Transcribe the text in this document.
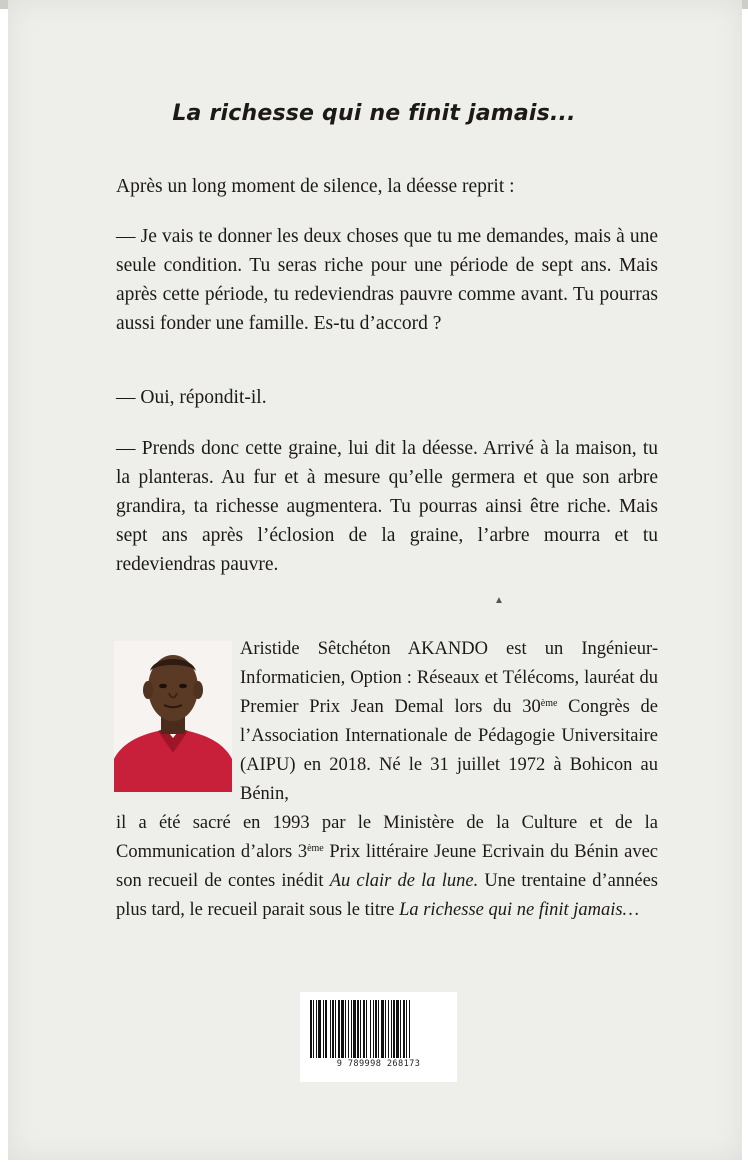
La richesse qui ne finit jamais...
Après un long moment de silence, la déesse reprit :
— Je vais te donner les deux choses que tu me demandes, mais à une seule condition. Tu seras riche pour une période de sept ans. Mais après cette période, tu redeviendras pauvre comme avant. Tu pourras aussi fonder une famille. Es-tu d’accord ?
— Oui, répondit-il.
— Prends donc cette graine, lui dit la déesse. Arrivé à la maison, tu la planteras. Au fur et à mesure qu’elle germera et que son arbre grandira, ta richesse augmentera. Tu pourras ainsi être riche. Mais sept ans après l’éclosion de la graine, l’arbre mourra et tu redeviendras pauvre.
▲
Aristide Sêtchéton AKANDO est un Ingénieur- Informaticien, Option : Réseaux et Télécoms, lauréat du Premier Prix Jean Demal lors du 30ème Congrès de l’Association Internationale de Pédagogie Universitaire (AIPU) en 2018. Né le 31 juillet 1972 à Bohicon au Bénin,
il a été sacré en 1993 par le Ministère de la Culture et de la Communication d’alors 3ème Prix littéraire Jeune Ecrivain du Bénin avec son recueil de contes inédit Au clair de la lune. Une trentaine d’années plus tard, le recueil parait sous le titre La richesse qui ne finit jamais…
9 789998 268173
